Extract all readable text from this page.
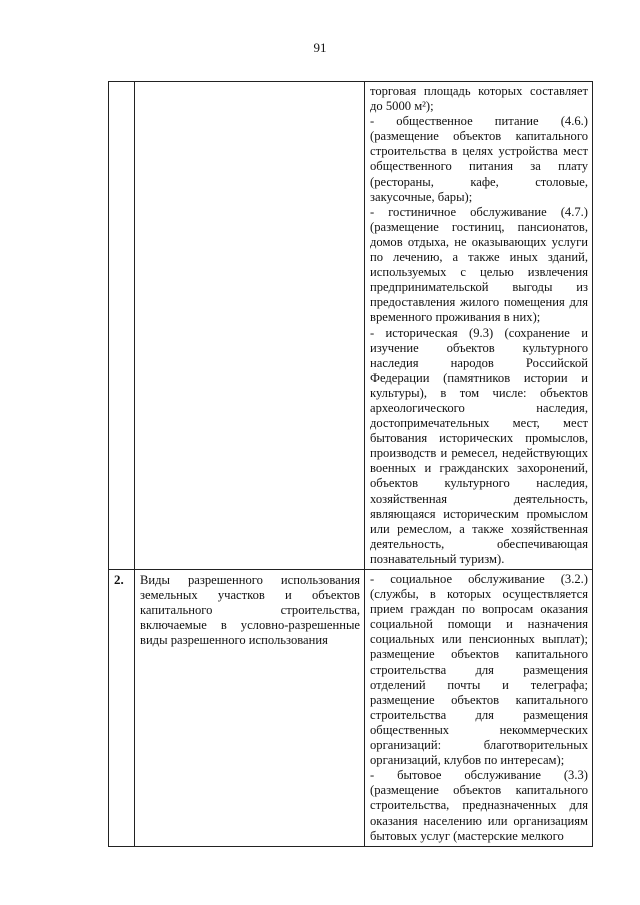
91

		торговая площадь которых составляет до 5000 м²);

- общественное питание (4.6.) (размещение объектов капитального строительства в целях устройства мест общественного питания за плату (рестораны, кафе, столовые, закусочные, бары);

- гостиничное обслуживание (4.7.) (размещение гостиниц, пансионатов, домов отдыха, не оказывающих услуги по лечению, а также иных зданий, используемых с целью извлечения предпринимательской выгоды из предоставления жилого помещения для временного проживания в них);

- историческая (9.3) (сохранение и изучение объектов культурного наследия народов Российской Федерации (памятников истории и культуры), в том числе: объектов археологического наследия, достопримечательных мест, мест бытования исторических промыслов, производств и ремесел, недействующих военных и гражданских захоронений, объектов культурного наследия, хозяйственная деятельность, являющаяся историческим промыслом или ремеслом, а также хозяйственная деятельность, обеспечивающая познавательный туризм).

2.	Виды разрешенного использования земельных участков и объектов капитального строительства, включаемые в условно-разрешенные виды разрешенного использования	- социальное обслуживание (3.2.) (службы, в которых осуществляется прием граждан по вопросам оказания социальной помощи и назначения социальных или пенсионных выплат); размещение объектов капитального строительства для размещения отделений почты и телеграфа; размещение объектов капитального строительства для размещения общественных некоммерческих организаций: благотворительных организаций, клубов по интересам);

- бытовое обслуживание (3.3) (размещение объектов капитального строительства, предназначенных для оказания населению или организациям бытовых услуг (мастерские мелкого
